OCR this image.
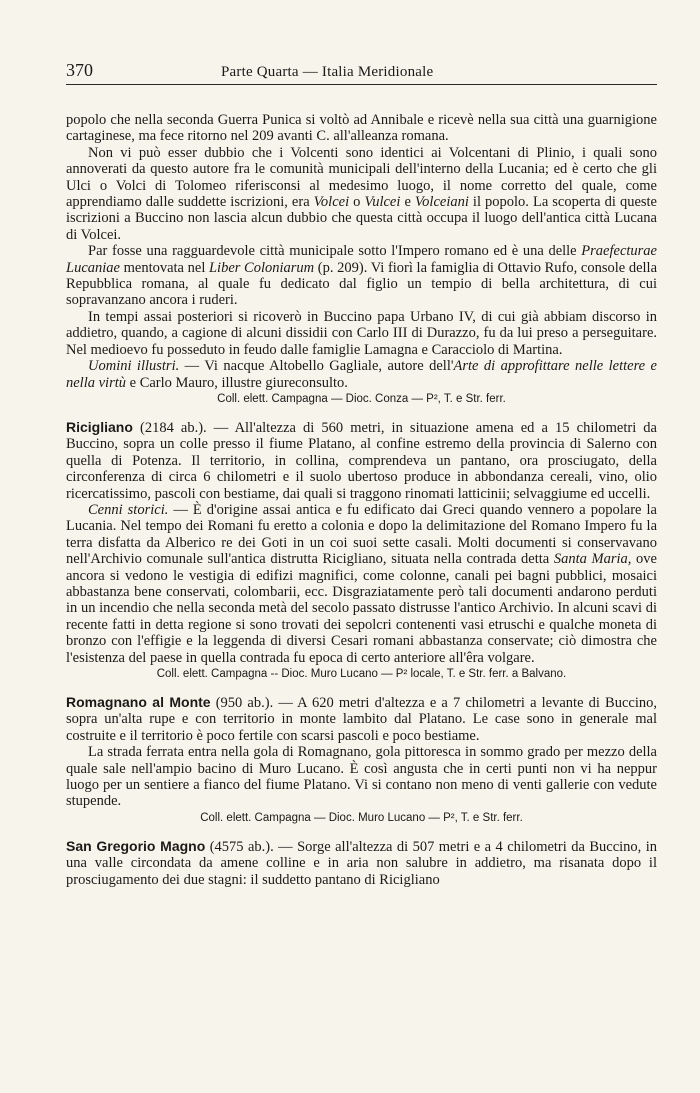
370	Parte Quarta — Italia Meridionale

popolo che nella seconda Guerra Punica si voltò ad Annibale e ricevè nella sua città una guarnigione cartaginese, ma fece ritorno nel 209 avanti C. all'alleanza romana.

Non vi può esser dubbio che i Volcenti sono identici ai Volcentani di Plinio, i quali sono annoverati da questo autore fra le comunità municipali dell'interno della Lucania; ed è certo che gli Ulci o Volci di Tolomeo riferisconsi al medesimo luogo, il nome corretto del quale, come apprendiamo dalle suddette iscrizioni, era Volcei o Vulcei e Volceiani il popolo. La scoperta di queste iscrizioni a Buccino non lascia alcun dubbio che questa città occupa il luogo dell'antica città Lucana di Volcei.

Par fosse una ragguardevole città municipale sotto l'Impero romano ed è una delle Praefecturae Lucaniae mentovata nel Liber Coloniarum (p. 209). Vi fiorì la famiglia di Ottavio Rufo, console della Repubblica romana, al quale fu dedicato dal figlio un tempio di bella architettura, di cui sopravanzano ancora i ruderi.

In tempi assai posteriori si ricoverò in Buccino papa Urbano IV, di cui già abbiam discorso in addietro, quando, a cagione di alcuni dissidii con Carlo III di Durazzo, fu da lui preso a perseguitare. Nel medioevo fu posseduto in feudo dalle famiglie Lamagna e Caracciolo di Martina.

Uomini illustri. — Vi nacque Altobello Gagliale, autore dell'Arte di approfittare nelle lettere e nella virtù e Carlo Mauro, illustre giureconsulto.

Coll. elett. Campagna — Dioc. Conza — P², T. e Str. ferr.

Ricigliano (2184 ab.). — All'altezza di 560 metri, in situazione amena ed a 15 chilometri da Buccino, sopra un colle presso il fiume Platano, al confine estremo della provincia di Salerno con quella di Potenza. Il territorio, in collina, comprendeva un pantano, ora prosciugato, della circonferenza di circa 6 chilometri e il suolo ubertoso produce in abbondanza cereali, vino, olio ricercatissimo, pascoli con bestiame, dai quali si traggono rinomati latticinii; selvaggiume ed uccelli.

Cenni storici. — È d'origine assai antica e fu edificato dai Greci quando vennero a popolare la Lucania. Nel tempo dei Romani fu eretto a colonia e dopo la delimitazione del Romano Impero fu la terra disfatta da Alberico re dei Goti in un coi suoi sette casali. Molti documenti si conservavano nell'Archivio comunale sull'antica distrutta Ricigliano, situata nella contrada detta Santa Maria, ove ancora si vedono le vestigia di edifizi magnifici, come colonne, canali pei bagni pubblici, mosaici abbastanza bene conservati, colombarii, ecc. Disgraziatamente però tali documenti andarono perduti in un incendio che nella seconda metà del secolo passato distrusse l'antico Archivio. In alcuni scavi di recente fatti in detta regione si sono trovati dei sepolcri contenenti vasi etruschi e qualche moneta di bronzo con l'effigie e la leggenda di diversi Cesari romani abbastanza conservate; ciò dimostra che l'esistenza del paese in quella contrada fu epoca di certo anteriore all'êra volgare.

Coll. elett. Campagna -- Dioc. Muro Lucano — P² locale, T. e Str. ferr. a Balvano.

Romagnano al Monte (950 ab.). — A 620 metri d'altezza e a 7 chilometri a levante di Buccino, sopra un'alta rupe e con territorio in monte lambito dal Platano. Le case sono in generale mal costruite e il territorio è poco fertile con scarsi pascoli e poco bestiame.

La strada ferrata entra nella gola di Romagnano, gola pittoresca in sommo grado per mezzo della quale sale nell'ampio bacino di Muro Lucano. È così angusta che in certi punti non vi ha neppur luogo per un sentiere a fianco del fiume Platano. Vi si contano non meno di venti gallerie con vedute stupende.

Coll. elett. Campagna — Dioc. Muro Lucano — P², T. e Str. ferr.

San Gregorio Magno (4575 ab.). — Sorge all'altezza di 507 metri e a 4 chilometri da Buccino, in una valle circondata da amene colline e in aria non salubre in addietro, ma risanata dopo il prosciugamento dei due stagni: il suddetto pantano di Ricigliano
